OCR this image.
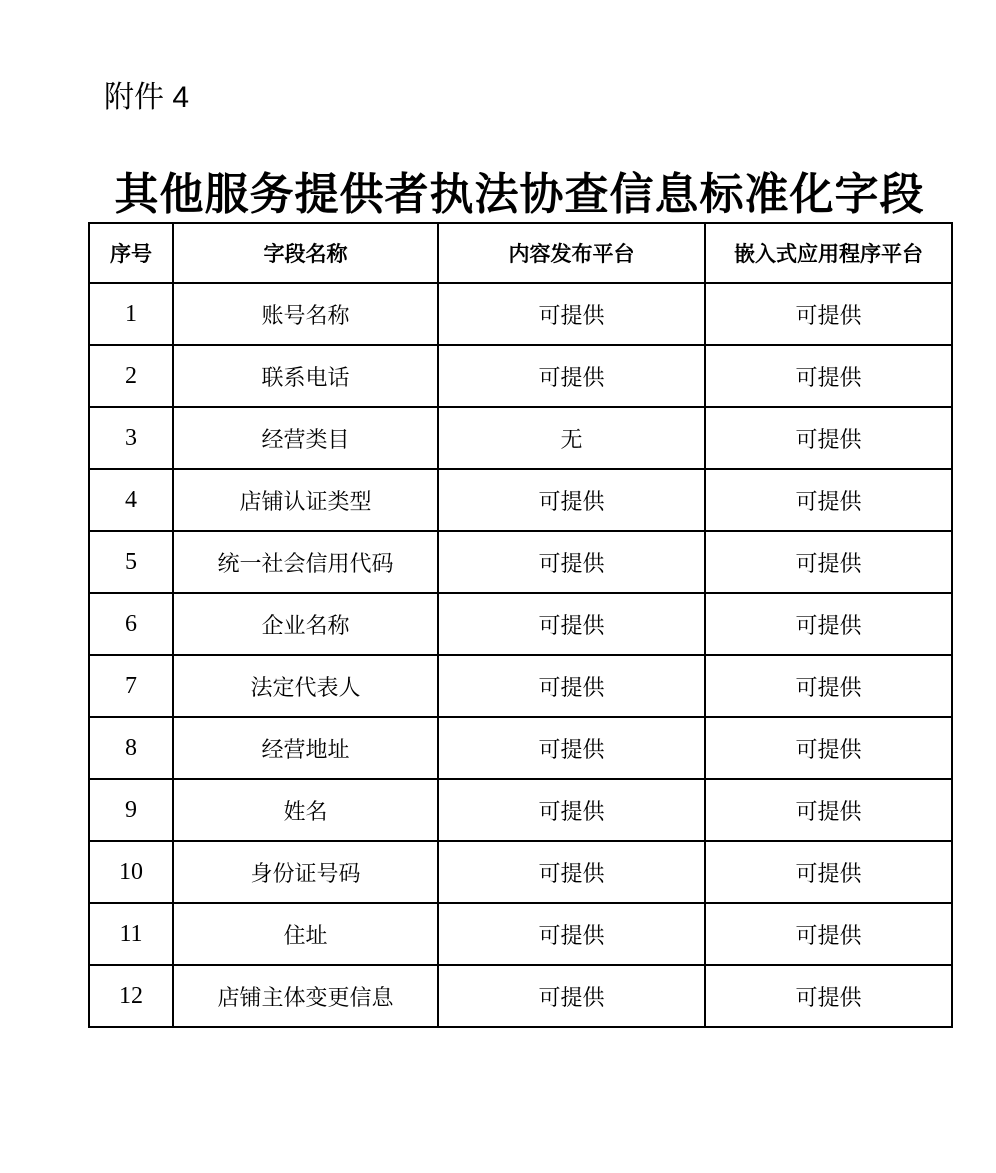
附件 4
其他服务提供者执法协查信息标准化字段
序号	字段名称	内容发布平台	嵌入式应用程序平台
1	账号名称	可提供	可提供
2	联系电话	可提供	可提供
3	经营类目	无	可提供
4	店铺认证类型	可提供	可提供
5	统一社会信用代码	可提供	可提供
6	企业名称	可提供	可提供
7	法定代表人	可提供	可提供
8	经营地址	可提供	可提供
9	姓名	可提供	可提供
10	身份证号码	可提供	可提供
11	住址	可提供	可提供
12	店铺主体变更信息	可提供	可提供
